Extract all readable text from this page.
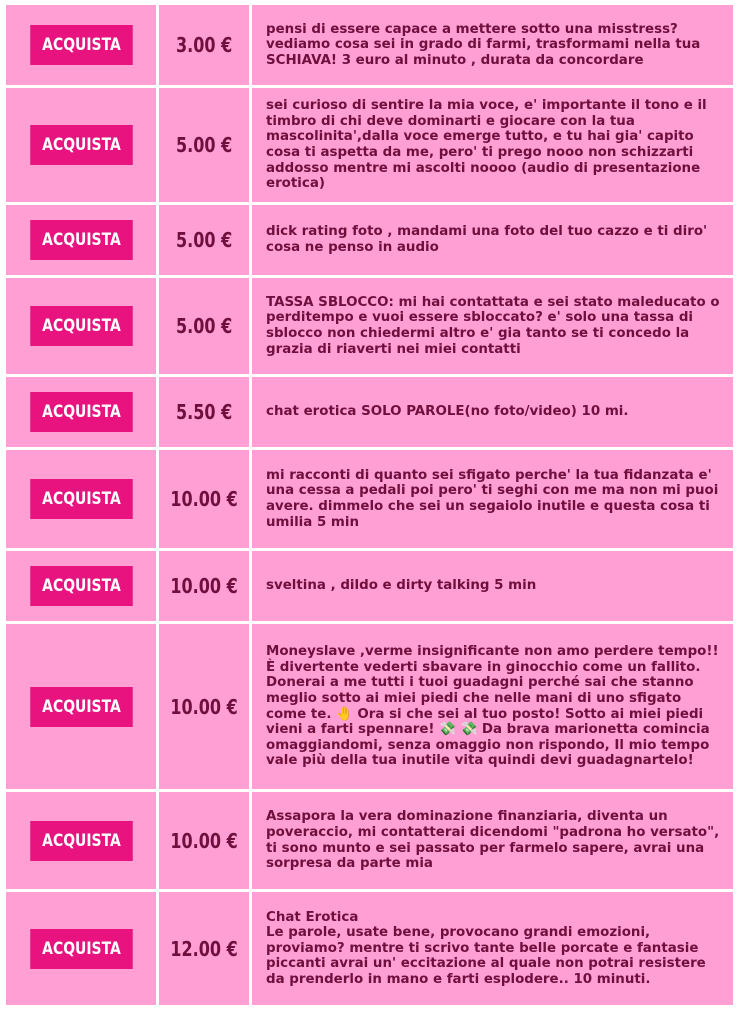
ACQUISTA	3.00 €	pensi di essere capace a mettere sotto una misstress? vediamo cosa sei in grado di farmi, trasformami nella tua SCHIAVA! 3 euro al minuto , durata da concordare

ACQUISTA	5.00 €	sei curioso di sentire la mia voce, e' importante il tono e il timbro di chi deve dominarti e giocare con la tua mascolinita',dalla voce emerge tutto, e tu hai gia' capito cosa ti aspetta da me, pero' ti prego nooo non schizzarti addosso mentre mi ascolti noooo (audio di presentazione erotica)

ACQUISTA	5.00 €	dick rating foto , mandami una foto del tuo cazzo e ti diro' cosa ne penso in audio

ACQUISTA	5.00 €	TASSA SBLOCCO: mi hai contattata e sei stato maleducato o perditempo e vuoi essere sbloccato? e' solo una tassa di sblocco non chiedermi altro e' gia tanto se ti concedo la grazia di riaverti nei miei contatti

ACQUISTA	5.50 €	chat erotica SOLO PAROLE(no foto/video) 10 mi.

ACQUISTA	10.00 €	mi racconti di quanto sei sfigato perche' la tua fidanzata e' una cessa a pedali poi pero' ti seghi con me ma non mi puoi avere. dimmelo che sei un segaiolo inutile e questa cosa ti umilia 5 min

ACQUISTA	10.00 €	sveltina , dildo e dirty talking 5 min

ACQUISTA	10.00 €	Moneyslave ,verme insignificante non amo perdere tempo!! È divertente vederti sbavare in ginocchio come un fallito. Donerai a me tutti i tuoi guadagni perché sai che stanno meglio sotto ai miei piedi che nelle mani di uno sfigato come te. 🤚 Ora si che sei al tuo posto! Sotto ai miei piedi vieni a farti spennare! 💸 💸 Da brava marionetta comincia omaggiandomi, senza omaggio non rispondo, Il mio tempo vale più della tua inutile vita quindi devi guadagnartelo!

ACQUISTA	10.00 €	Assapora la vera dominazione finanziaria, diventa un poveraccio, mi contatterai dicendomi "padrona ho versato", ti sono munto e sei passato per farmelo sapere, avrai una sorpresa da parte mia

ACQUISTA	12.00 €	Chat Erotica
Le parole, usate bene, provocano grandi emozioni, proviamo? mentre ti scrivo tante belle porcate e fantasie piccanti avrai un' eccitazione al quale non potrai resistere da prenderlo in mano e farti esplodere.. 10 minuti.
